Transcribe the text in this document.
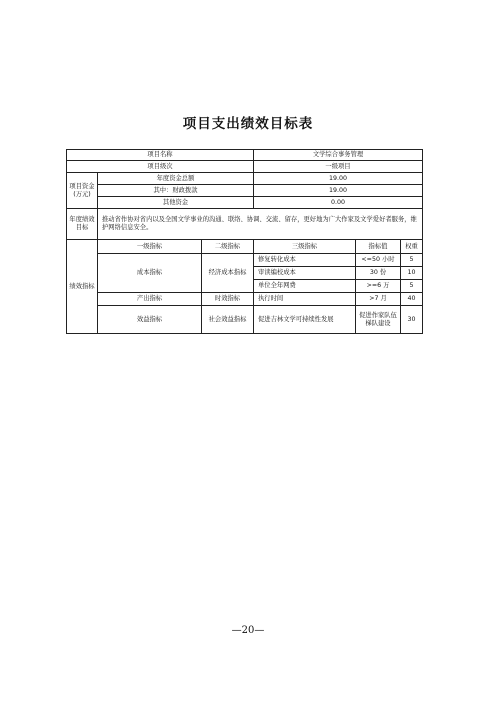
项目支出绩效目标表
项目名称			文学综合事务管理		
项目级次			一级项目		
项目资金(万元)	年度资金总额		19.00		
	其中：财政拨款		19.00		
	其他资金		0.00		
年度绩效目标	推动省作协对省内以及全国文学事业的沟通、联络、协调、交流、留存，更好地为广大作家及文学爱好者服务，维护网络信息安全。				
绩效指标	一级指标	二级指标	三级指标	指标值	权重
	成本指标	经济成本指标	修复转化成本	<=50 小时	5
			审读编校成本	30 份	10
			单位全年网费	>=6 万	5
	产出指标	时效指标	执行时间	>7 月	40
	效益指标	社会效益指标	促进吉林文学可持续性发展	促进作家队伍梯队建设	30
—20—
